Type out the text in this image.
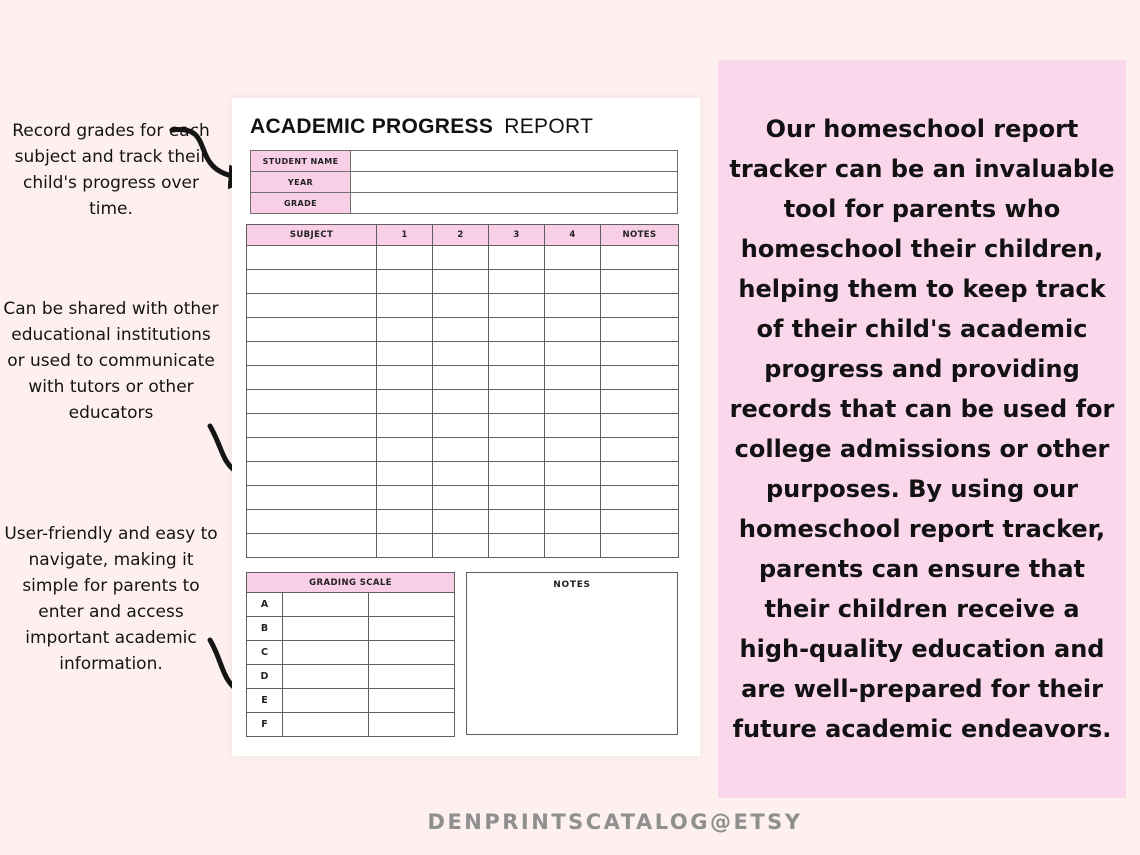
Record grades for each subject and track their child's progress over time.
Can be shared with other educational institutions or used to communicate with tutors or other educators
User-friendly and easy to navigate, making it simple for parents to enter and access important academic information.
ACADEMIC PROGRESS REPORT
STUDENT NAME	
YEAR	
GRADE	
SUBJECT	1	2	3	4	NOTES

GRADING SCALE		
A		
B		
C		
D		
E		
F		
NOTES
Our homeschool report tracker can be an invaluable tool for parents who homeschool their children, helping them to keep track of their child's academic progress and providing records that can be used for college admissions or other purposes. By using our homeschool report tracker, parents can ensure that their children receive a high-quality education and are well-prepared for their future academic endeavors.
DENPRINTSCATALOG@ETSY
